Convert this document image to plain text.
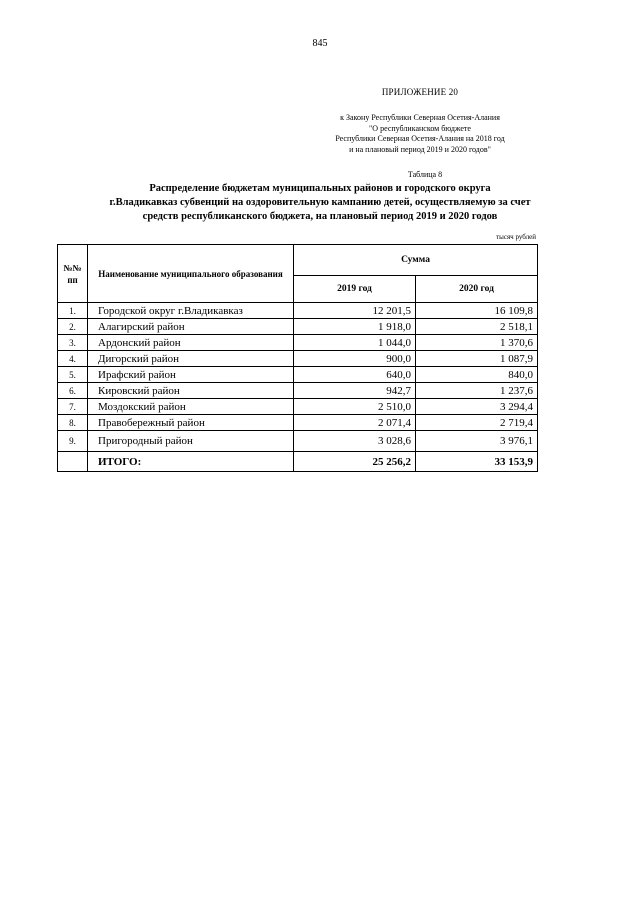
845
ПРИЛОЖЕНИЕ 20
к Закону Республики Северная Осетия-Алания
"О республиканском бюджете
Республики Северная Осетия-Алания на 2018 год
и на плановый период 2019 и 2020 годов"
Таблица 8
Распределение бюджетам муниципальных районов и городского округа
г.Владикавказ субвенций на оздоровительную кампанию детей, осуществляемую за счет
средств республиканского бюджета, на плановый период 2019 и 2020 годов
тысяч рублей
№№ пп	Наименование муниципального образования	Сумма	
		2019 год	2020 год
1.	Городской округ г.Владикавказ	12 201,5	16 109,8
2.	Алагирский район	1 918,0	2 518,1
3.	Ардонский район	1 044,0	1 370,6
4.	Дигорский район	900,0	1 087,9
5.	Ирафский район	640,0	840,0
6.	Кировский район	942,7	1 237,6
7.	Моздокский район	2 510,0	3 294,4
8.	Правобережный район	2 071,4	2 719,4
9.	Пригородный район	3 028,6	3 976,1
	ИТОГО:	25 256,2	33 153,9
